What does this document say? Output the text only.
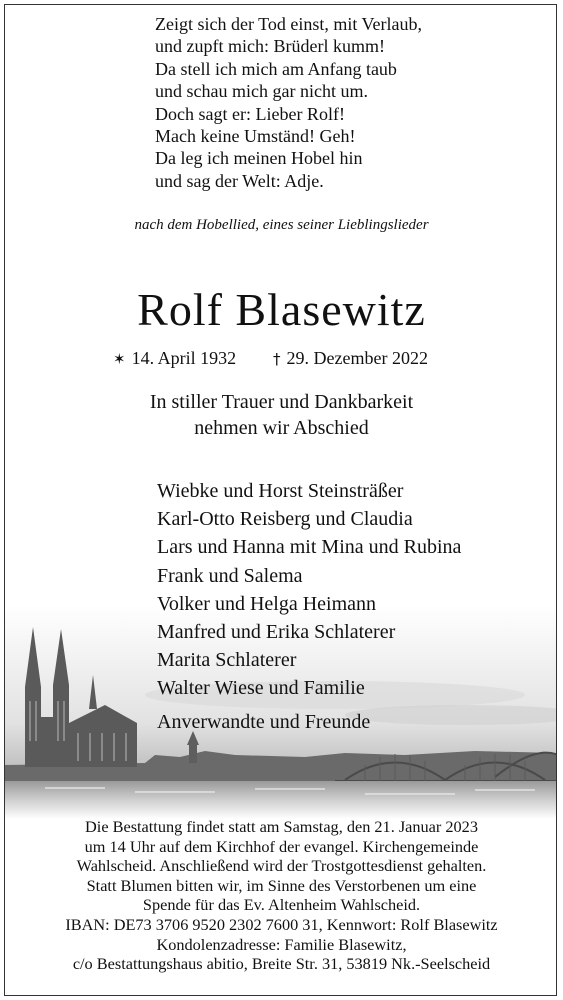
Zeigt sich der Tod einst, mit Verlaub,
und zupft mich: Brüderl kumm!
Da stell ich mich am Anfang taub
und schau mich gar nicht um.
Doch sagt er: Lieber Rolf!
Mach keine Umständ! Geh!
Da leg ich meinen Hobel hin
und sag der Welt: Adje.
nach dem Hobellied, eines seiner Lieblingslieder
Rolf Blasewitz
✶ 14. April 1932 † 29. Dezember 2022
In stiller Trauer und Dankbarkeit
nehmen wir Abschied
Wiebke und Horst Steinsträßer
Karl-Otto Reisberg und Claudia
Lars und Hanna mit Mina und Rubina
Frank und Salema
Volker und Helga Heimann
Manfred und Erika Schlaterer
Marita Schlaterer
Walter Wiese und Familie
Anverwandte und Freunde
Die Bestattung findet statt am Samstag, den 21. Januar 2023
um 14 Uhr auf dem Kirchhof der evangel. Kirchengemeinde
Wahlscheid. Anschließend wird der Trostgottesdienst gehalten.
Statt Blumen bitten wir, im Sinne des Verstorbenen um eine
Spende für das Ev. Altenheim Wahlscheid.
IBAN: DE73 3706 9520 2302 7600 31, Kennwort: Rolf Blasewitz
Kondolenzadresse: Familie Blasewitz,
c/o Bestattungshaus abitio, Breite Str. 31, 53819 Nk.-Seelscheid
